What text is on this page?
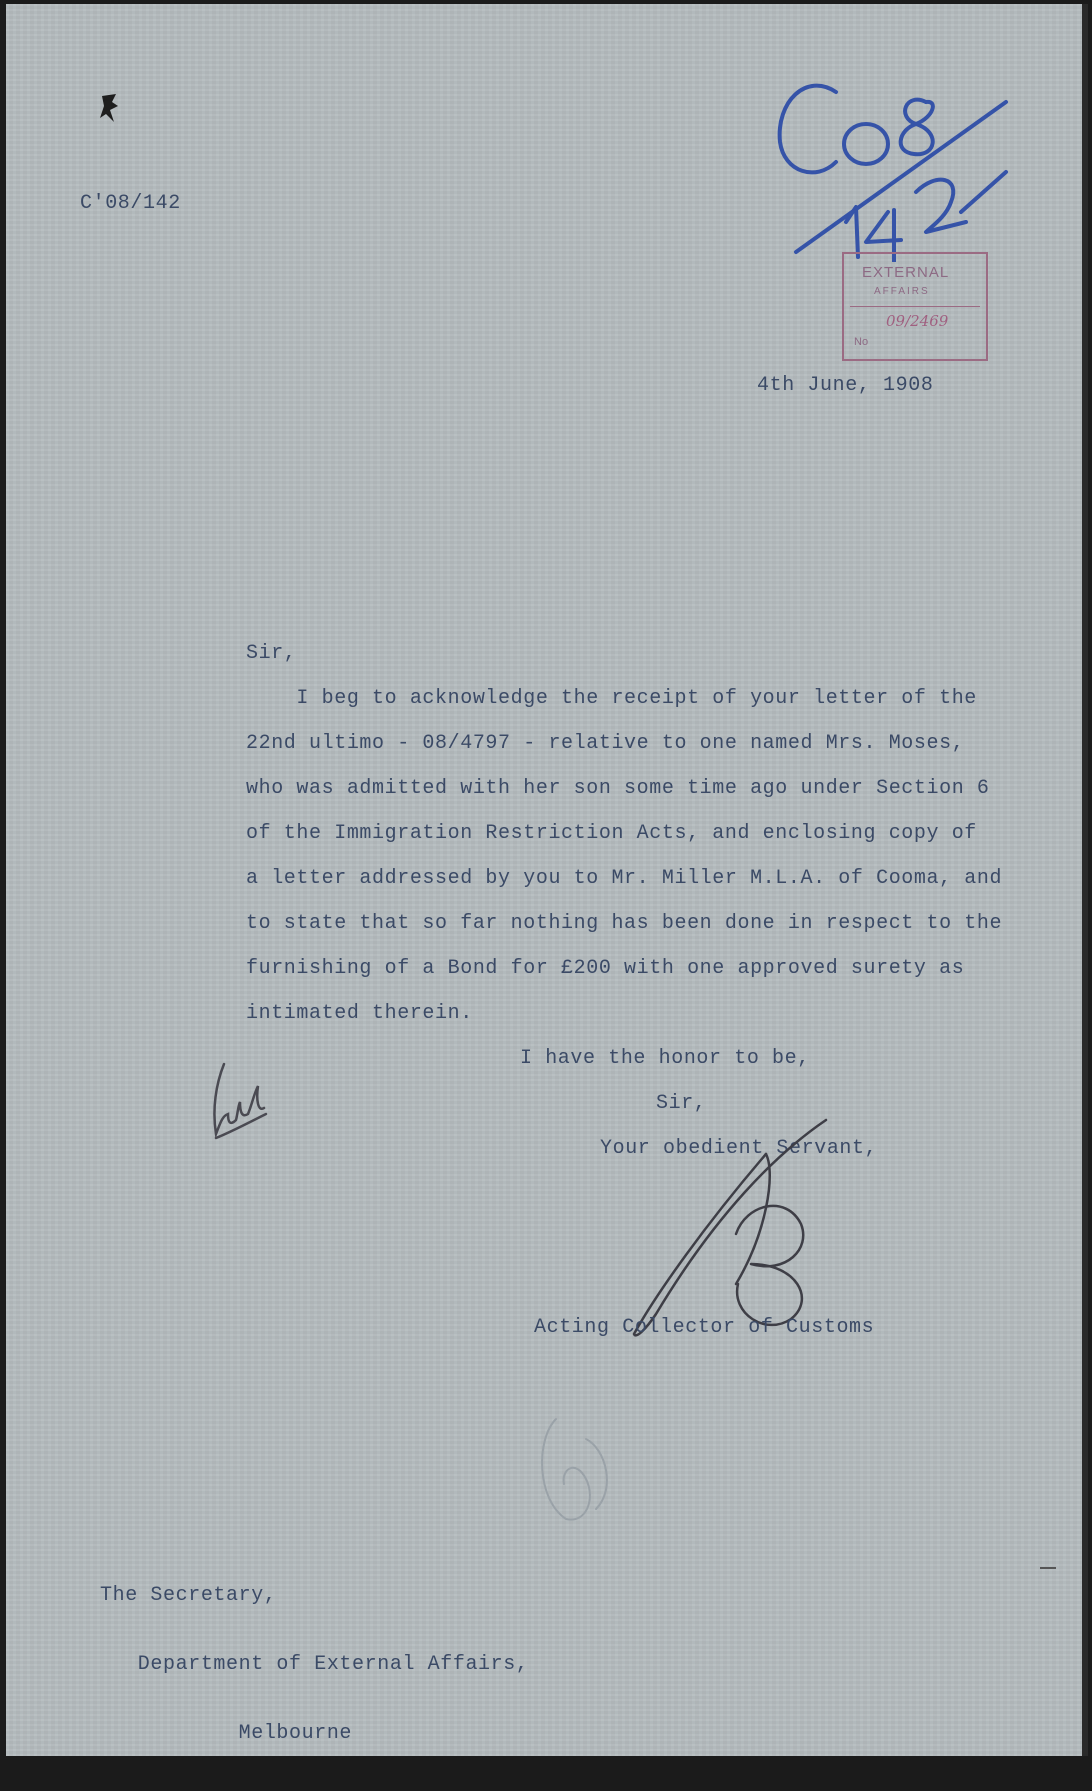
C'08/142

EXTERNAL
AFFAIRS
09/2469
No

4th June, 1908

Sir,

I beg to acknowledge the receipt of your letter of the

22nd ultimo - 08/4797 - relative to one named Mrs. Moses,

who was admitted with her son some time ago under Section 6

of the Immigration Restriction Acts, and enclosing copy of

a letter addressed by you to Mr. Miller M.L.A. of Cooma, and

to state that so far nothing has been done in respect to the

furnishing of a Bond for £200 with one approved surety as

intimated therein.

I have the honor to be,

Sir,

Your obedient Servant,

Acting Collector of Customs

The Secretary,

Department of External Affairs,

Melbourne
